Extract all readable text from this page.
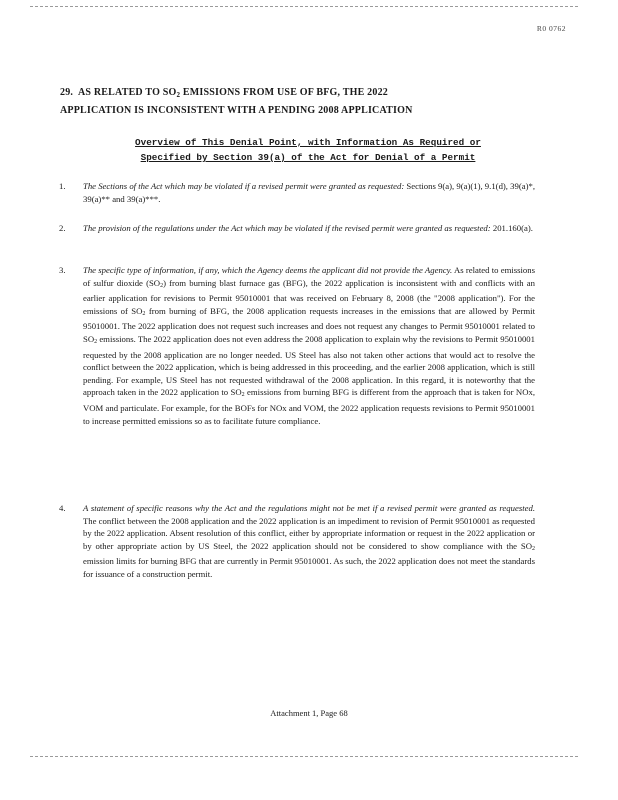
R0 0762
29. AS RELATED TO $SO_2$ EMISSIONS FROM USE OF BFG, THE 2022
APPLICATION IS INCONSISTENT WITH A PENDING 2008 APPLICATION

Overview of This Denial Point, with Information As Required or
Specified by Section 39(a) of the Act for Denial of a Permit

1. The Sections of the Act which may be violated if a revised permit were granted as requested: Sections 9(a), 9(a)(1), 9.1(d), 39(a)*, 39(a)** and 39(a)***.
2. The provision of the regulations under the Act which may be violated if the revised permit were granted as requested: 201.160(a).
3. The specific type of information, if any, which the Agency deems the applicant did not provide the Agency. As related to emissions of sulfur dioxide $(SO_2)$ from burning blast furnace gas (BFG), the 2022 application is inconsistent with and conflicts with an earlier application for revisions to Permit 95010001 that was received on February 8, 2008 (the "2008 application"). For the emissions of $SO_2$ from burning of BFG, the 2008 application requests increases in the emissions that are allowed by Permit 95010001. The 2022 application does not request such increases and does not request any changes to Permit 95010001 related to $SO_2$ emissions. The 2022 application does not even address the 2008 application to explain why the revisions to Permit 95010001 requested by the 2008 application are no longer needed. US Steel has also not taken other actions that would act to resolve the conflict between the 2022 application, which is being addressed in this proceeding, and the earlier 2008 application, which is still pending. For example, US Steel has not requested withdrawal of the 2008 application. In this regard, it is noteworthy that the approach taken in the 2022 application to $SO_2$ emissions from burning BFG is different from the approach that is taken for NOx, VOM and particulate. For example, for the BOFs for NOx and VOM, the 2022 application requests revisions to Permit 95010001 to increase permitted emissions so as to facilitate future compliance.
4. A statement of specific reasons why the Act and the regulations might not be met if a revised permit were granted as requested. The conflict between the 2008 application and the 2022 application is an impediment to revision of Permit 95010001 as requested by the 2022 application. Absent resolution of this conflict, either by appropriate information or request in the 2022 application or by other appropriate action by US Steel, the 2022 application should not be considered to show compliance with the $SO_2$ emission limits for burning BFG that are currently in Permit 95010001. As such, the 2022 application does not meet the standards for issuance of a construction permit.
Attachment 1, Page 68
